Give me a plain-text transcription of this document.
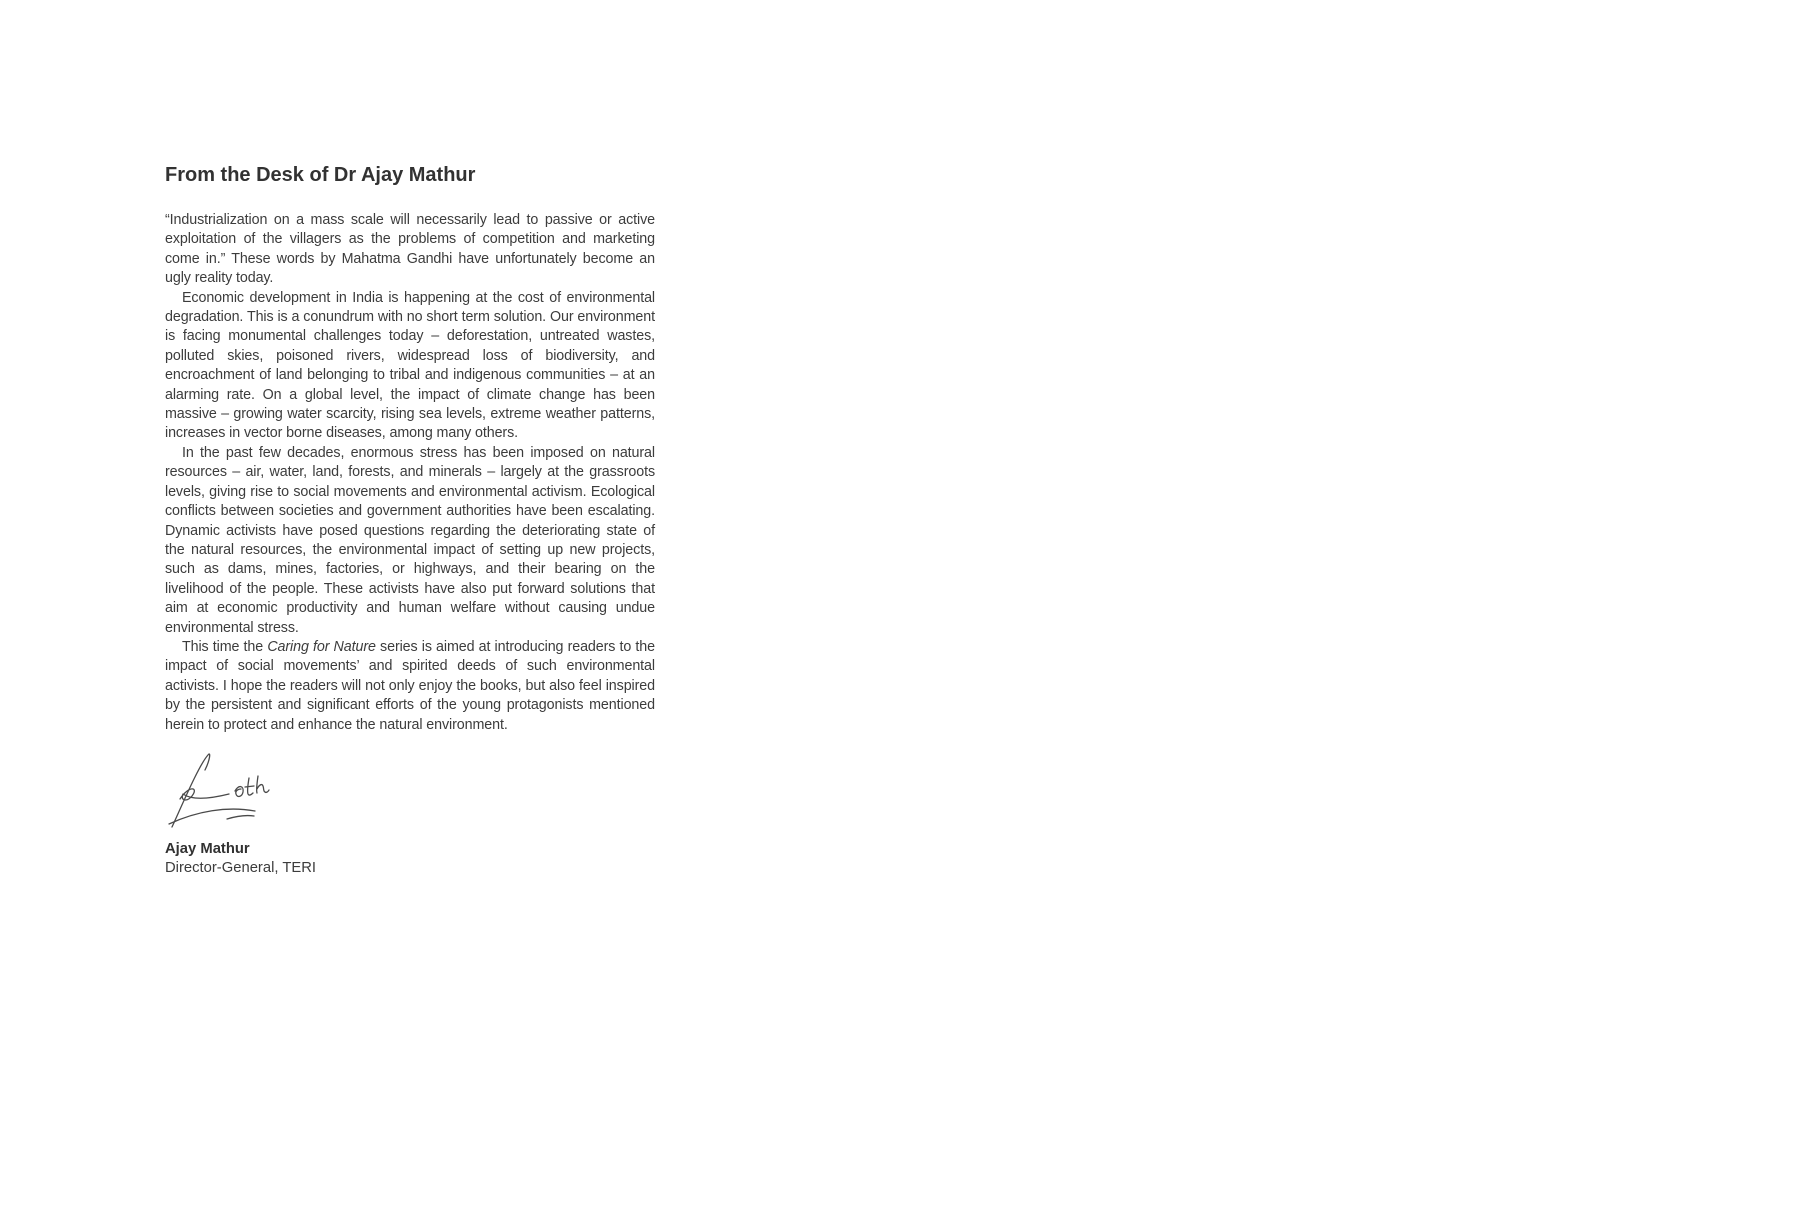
From the Desk of Dr Ajay Mathur

“Industrialization on a mass scale will necessarily lead to passive or active exploitation of the villagers as the problems of competition and marketing come in.” These words by Mahatma Gandhi have unfortunately become an ugly reality today.

Economic development in India is happening at the cost of environmental degradation. This is a conundrum with no short term solution. Our environment is facing monumental challenges today – deforestation, untreated wastes, polluted skies, poisoned rivers, widespread loss of biodiversity, and encroachment of land belonging to tribal and indigenous communities – at an alarming rate. On a global level, the impact of climate change has been massive – growing water scarcity, rising sea levels, extreme weather patterns, increases in vector borne diseases, among many others.

In the past few decades, enormous stress has been imposed on natural resources – air, water, land, forests, and minerals – largely at the grassroots levels, giving rise to social movements and environmental activism. Ecological conflicts between societies and government authorities have been escalating. Dynamic activists have posed questions regarding the deteriorating state of the natural resources, the environmental impact of setting up new projects, such as dams, mines, factories, or highways, and their bearing on the livelihood of the people. These activists have also put forward solutions that aim at economic productivity and human welfare without causing undue environmental stress.

This time the Caring for Nature series is aimed at introducing readers to the impact of social movements’ and spirited deeds of such environmental activists. I hope the readers will not only enjoy the books, but also feel inspired by the persistent and significant efforts of the young protagonists mentioned herein to protect and enhance the natural environment.

Ajay Mathur
Director-General, TERI
